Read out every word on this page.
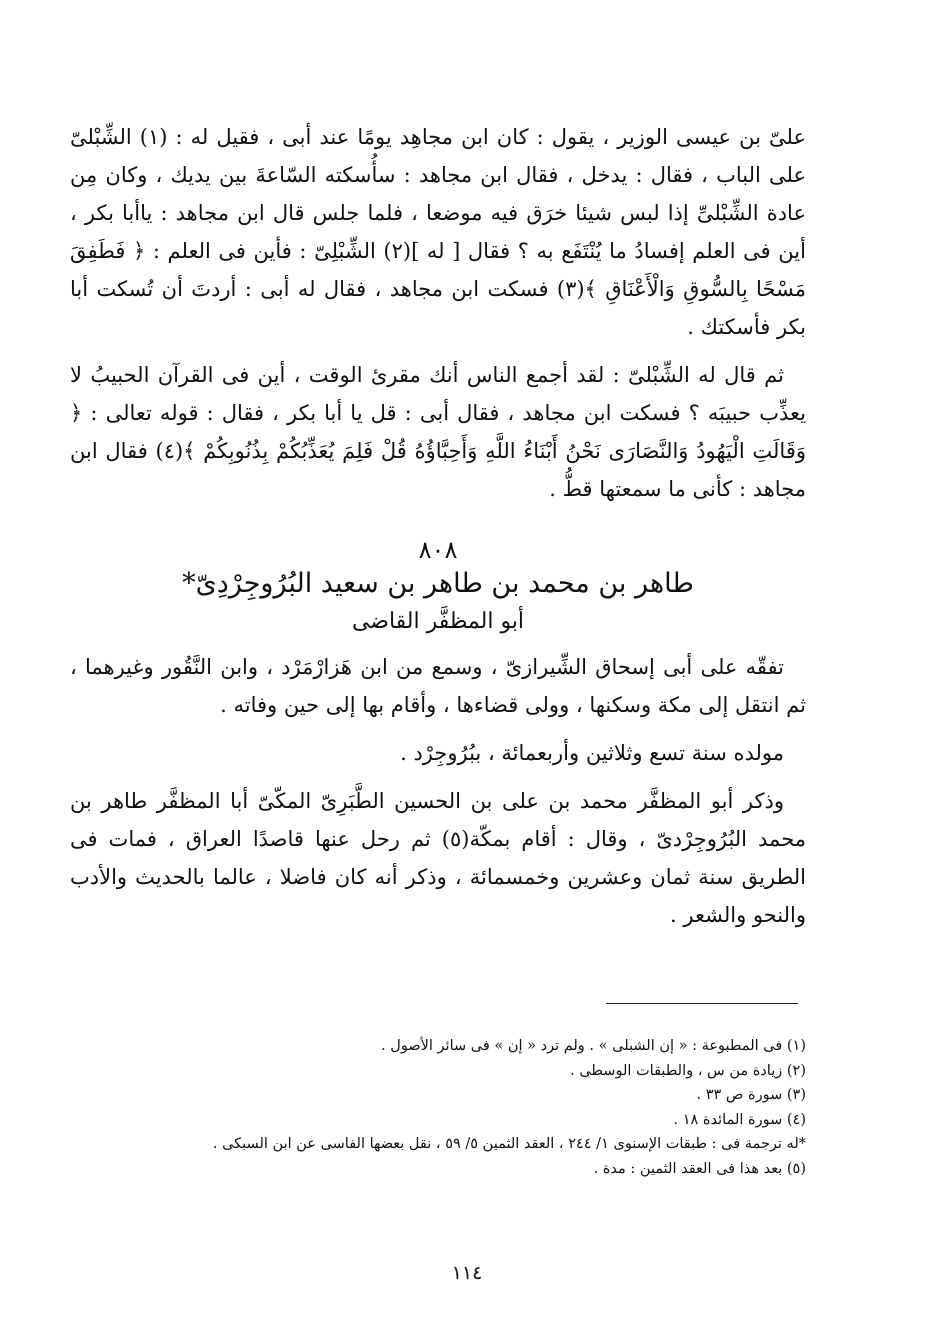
علىّ بن عيسى الوزير ، يقول : كان ابن مجاهِد يومًا عند أبى ، فقيل له : (١) الشِّبْلىّ على الباب ، فقال : يدخل ، فقال ابن مجاهد : سأُسكته السّاعةَ بين يديك ، وكان مِن عادة الشِّبْلىِّ إذا لبس شيئا خرَق فيه موضعا ، فلما جلس قال ابن مجاهد : ياأبا بكر ، أين فى العلم إفسادُ ما يُنْتَفَع به ؟ فقال [ له ](٢) الشِّبْلِىّ : فأين فى العلم : ﴿ فَطَفِقَ مَسْحًا بِالسُّوقِ وَالْأَعْنَاقِ ﴾(٣) فسكت ابن مجاهد ، فقال له أبى : أردتَ أن تُسكت أبا بكر فأسكتك .

ثم قال له الشِّبْلىّ : لقد أجمع الناس أنك مقرئ الوقت ، أين فى القرآن الحبيبُ لا يعذِّب حبيبَه ؟ فسكت ابن مجاهد ، فقال أبى : قل يا أبا بكر ، فقال : قوله تعالى : ﴿ وَقَالَتِ الْيَهُودُ وَالنَّصَارَى نَحْنُ أَبْنَاءُ اللَّهِ وَأَحِبَّاؤُهُ قُلْ فَلِمَ يُعَذِّبُكُمْ بِذُنُوبِكُمْ ﴾(٤) فقال ابن مجاهد : كأنى ما سمعتها قطُّ .

٨٠٨
طاهر بن محمد بن طاهر بن سعيد البُرُوجِرْدِىّ*
أبو المظفَّر القاضى

تفقّه على أبى إسحاق الشِّيرازىّ ، وسمع من ابن هَزارْمَرْد ، وابن النَّقُور وغيرهما ، ثم انتقل إلى مكة وسكنها ، وولى قضاءها ، وأقام بها إلى حين وفاته .

مولده سنة تسع وثلاثين وأربعمائة ، ببُرُوجِرْد .

وذكر أبو المظفَّر محمد بن على بن الحسين الطَّبَرِىّ المكّىّ أبا المظفَّر طاهر بن محمد البُرُوجِرْدىّ ، وقال : أقام بمكّة(٥) ثم رحل عنها قاصدًا العراق ، فمات فى الطريق سنة ثمان وعشرين وخمسمائة ، وذكر أنه كان فاضلا ، عالما بالحديث والأدب والنحو والشعر .

(١) فى المطبوعة : « إن الشبلى » . ولم ترد « إن » فى سائر الأصول .
(٢) زيادة من س ، والطبقات الوسطى .
(٣) سورة ص ٣٣ .
(٤) سورة المائدة ١٨ .
*له ترجمة فى : طبقات الإسنوى ١/ ٢٤٤ ، العقد الثمين ٥/ ٥٩ ، نقل بعضها الفاسى عن ابن السبكى .
(٥) بعد هذا فى العقد الثمين : مدة .
١١٤
